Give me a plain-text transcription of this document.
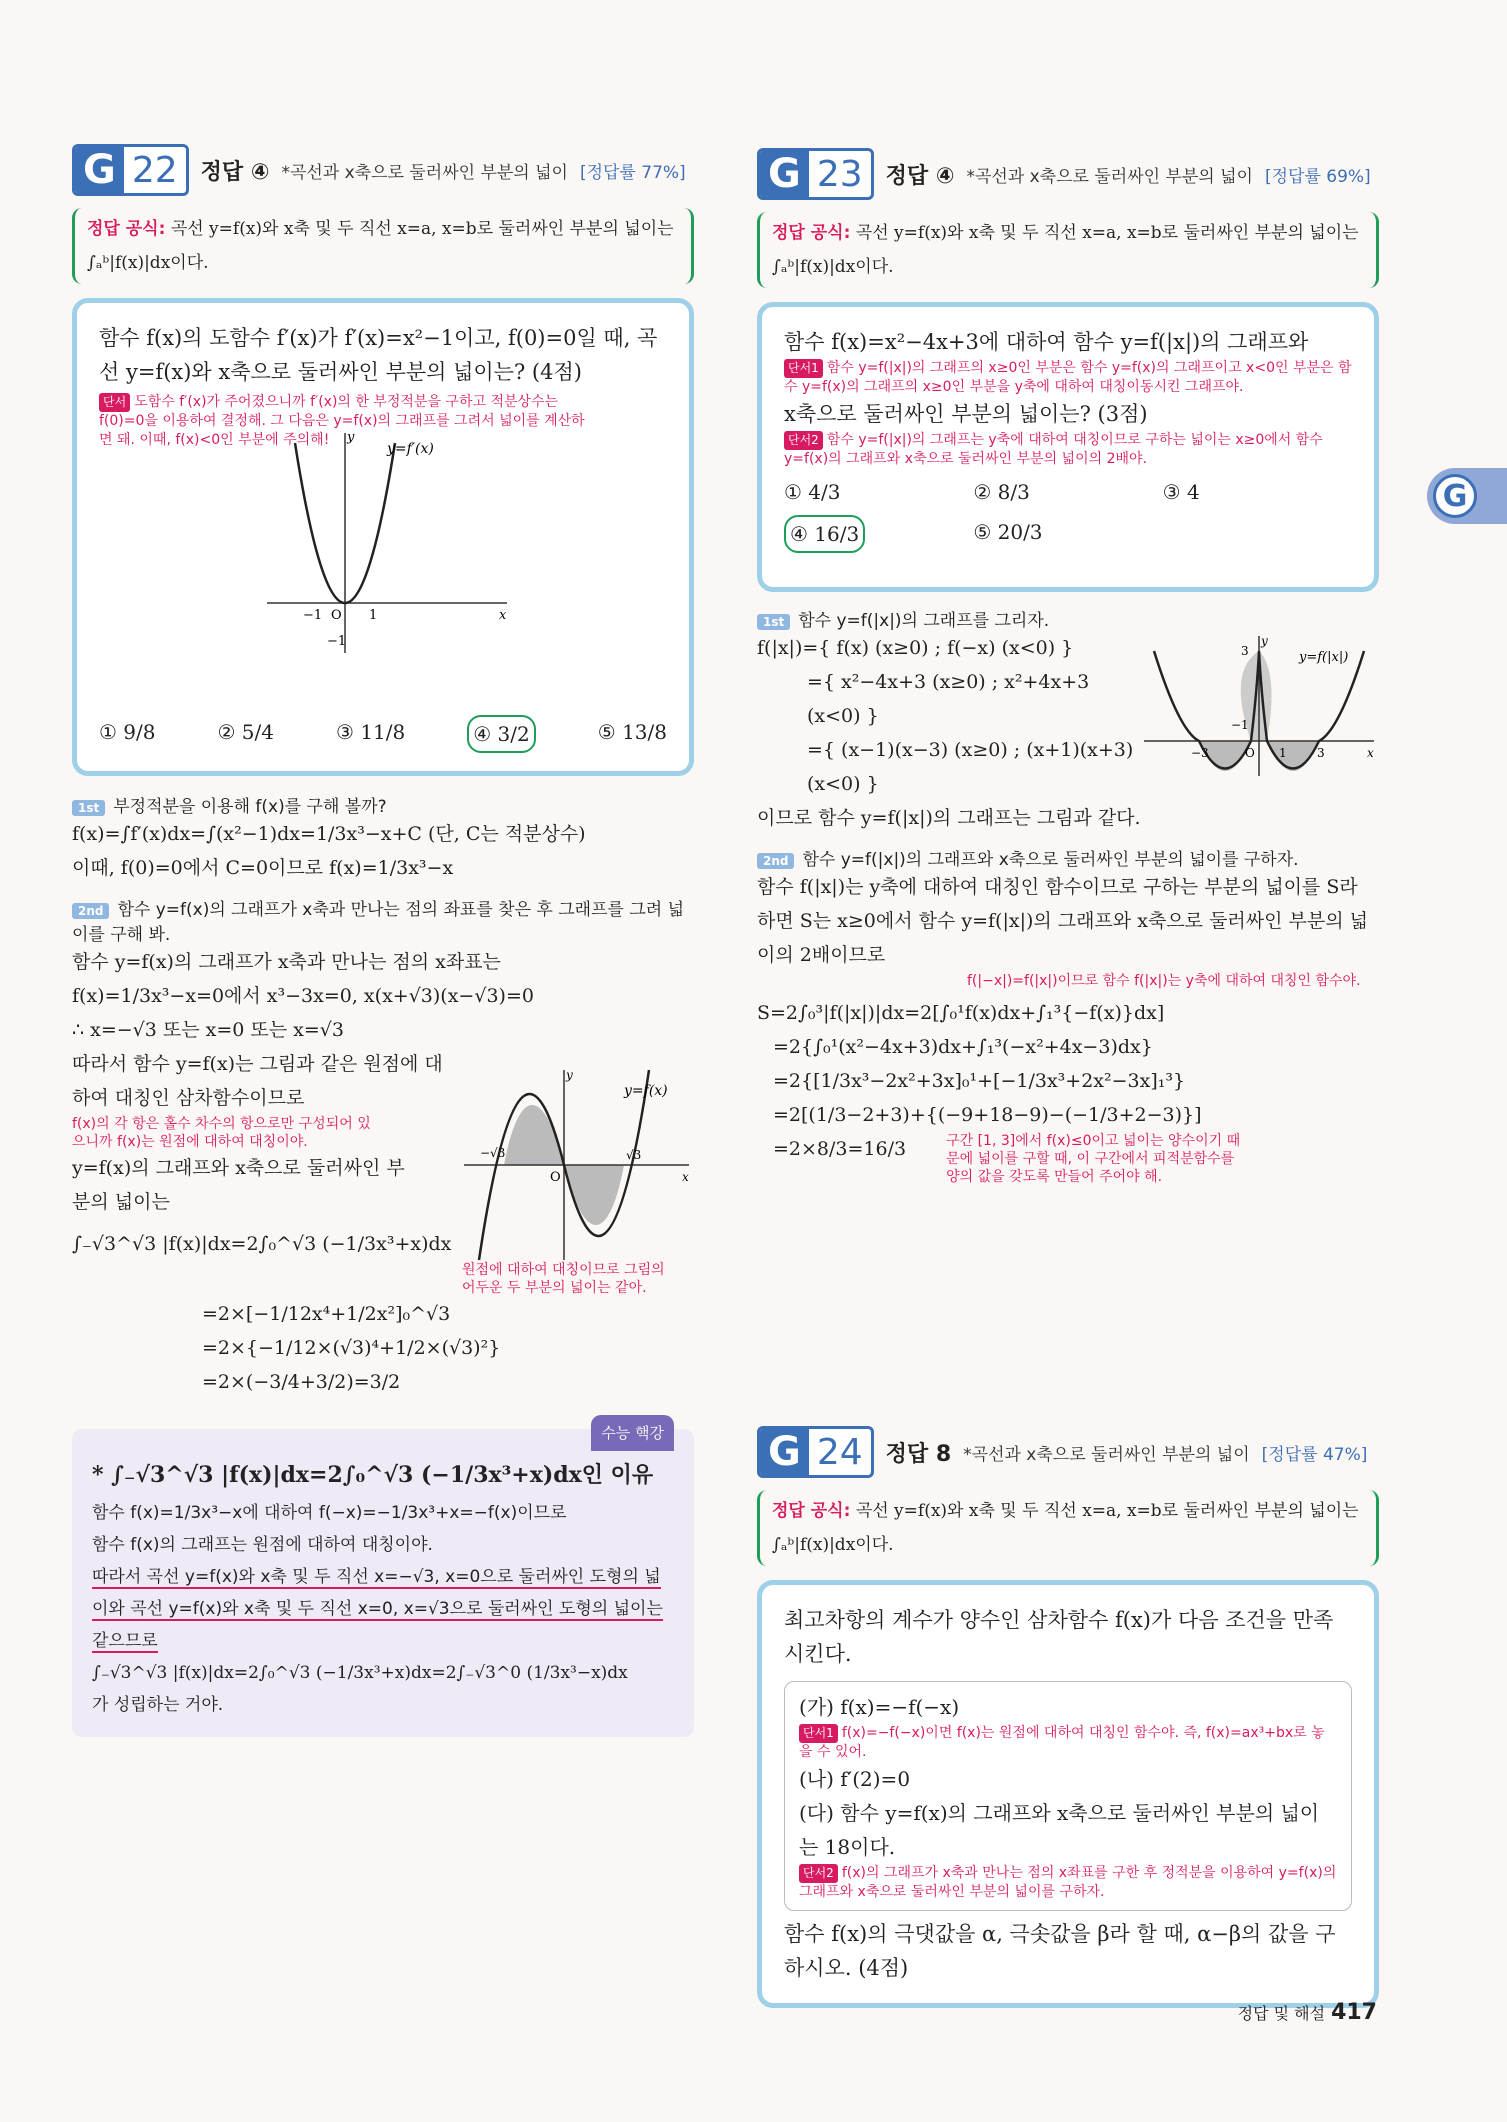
G
G 22	정답 ④ *곡선과 x축으로 둘러싸인 부분의 넓이 [정답률 77%]
정답 공식: 곡선 y=f(x)와 x축 및 두 직선 x=a, x=b로 둘러싸인 부분의 넓이는 ∫ₐᵇ|f(x)|dx이다.
함수 f(x)의 도함수 f′(x)가 f′(x)=x²−1이고, f(0)=0일 때, 곡선 y=f(x)와 x축으로 둘러싸인 부분의 넓이는? (4점)
단서 도함수 f′(x)가 주어졌으니까 f′(x)의 한 부정적분을 구하고 적분상수는 f(0)=0을 이용하여 결정해. 그 다음은 y=f(x)의 그래프를 그려서 넓이를 계산하면 돼. 이때, f(x)<0인 부분에 주의해!	y
x
−1 O 1
−1
y=f′(x)
① 9/8	② 5/4	③ 11/8	④ 3/2	⑤ 13/8
1st 부정적분을 이용해 f(x)를 구해 볼까?
f(x)=∫f′(x)dx=∫(x²−1)dx=1/3x³−x+C (단, C는 적분상수)
이때, f(0)=0에서 C=0이므로 f(x)=1/3x³−x
2nd 함수 y=f(x)의 그래프가 x축과 만나는 점의 좌표를 찾은 후 그래프를 그려 넓이를 구해 봐.
함수 y=f(x)의 그래프가 x축과 만나는 점의 x좌표는
f(x)=1/3x³−x=0에서 x³−3x=0, x(x+√3)(x−√3)=0
∴ x=−√3 또는 x=0 또는 x=√3
따라서 함수 y=f(x)는 그림과 같은 원점에 대하여 대칭인 삼차함수이므로
f(x)의 각 항은 홀수 차수의 항으로만 구성되어 있으니까 f(x)는 원점에 대하여 대칭이야.
y=f(x)의 그래프와 x축으로 둘러싸인 부분의 넓이는
y
x
O
−√3	√3
y=f(x)
∫₋√3^√3 |f(x)|dx=2∫₀^√3 (−1/3x³+x)dx
원점에 대하여 대칭이므로 그림의 어두운 두 부분의 넓이는 같아.
=2×[−1/12x⁴+1/2x²]₀^√3
=2×{−1/12×(√3)⁴+1/2×(√3)²}
=2×(−3/4+3/2)=3/2
수능 핵강
* ∫₋√3^√3 |f(x)|dx=2∫₀^√3 (−1/3x³+x)dx인 이유
함수 f(x)=1/3x³−x에 대하여 f(−x)=−1/3x³+x=−f(x)이므로
함수 f(x)의 그래프는 원점에 대하여 대칭이야.
따라서 곡선 y=f(x)와 x축 및 두 직선 x=−√3, x=0으로 둘러싸인 도형의 넓이와 곡선 y=f(x)와 x축 및 두 직선 x=0, x=√3으로 둘러싸인 도형의 넓이는 같으므로
∫₋√3^√3 |f(x)|dx=2∫₀^√3 (−1/3x³+x)dx=2∫₋√3^0 (1/3x³−x)dx
가 성립하는 거야.
G 23	정답 ④ *곡선과 x축으로 둘러싸인 부분의 넓이 [정답률 69%]
정답 공식: 곡선 y=f(x)와 x축 및 두 직선 x=a, x=b로 둘러싸인 부분의 넓이는 ∫ₐᵇ|f(x)|dx이다.
함수 f(x)=x²−4x+3에 대하여 함수 y=f(|x|)의 그래프와
단서1 함수 y=f(|x|)의 그래프의 x≥0인 부분은 함수 y=f(x)의 그래프이고 x<0인 부분은 함수 y=f(x)의 그래프의 x≥0인 부분을 y축에 대하여 대칭이동시킨 그래프야.
x축으로 둘러싸인 부분의 넓이는? (3점)
단서2 함수 y=f(|x|)의 그래프는 y축에 대하여 대칭이므로 구하는 넓이는 x≥0에서 함수 y=f(x)의 그래프와 x축으로 둘러싸인 부분의 넓이의 2배야.
① 4/3	② 8/3	③ 4
④ 16/3	⑤ 20/3
1st 함수 y=f(|x|)의 그래프를 그리자.
f(|x|)={ f(x) (x≥0) ; f(−x) (x<0) }
={ x²−4x+3 (x≥0) ; x²+4x+3 (x<0) }
={ (x−1)(x−3) (x≥0) ; (x+1)(x+3) (x<0) }
y
x
3
O
−1
−3	1	3
y=f(|x|)
이므로 함수 y=f(|x|)의 그래프는 그림과 같다.
2nd 함수 y=f(|x|)의 그래프와 x축으로 둘러싸인 부분의 넓이를 구하자.
함수 f(|x|)는 y축에 대하여 대칭인 함수이므로 구하는 부분의 넓이를 S라 하면 S는 x≥0에서 함수 y=f(|x|)의 그래프와 x축으로 둘러싸인 부분의 넓이의 2배이므로
f(|−x|)=f(|x|)이므로 함수 f(|x|)는 y축에 대하여 대칭인 함수야.
S=2∫₀³|f(|x|)|dx=2[∫₀¹f(x)dx+∫₁³{−f(x)}dx]
=2{∫₀¹(x²−4x+3)dx+∫₁³(−x²+4x−3)dx}
=2{[1/3x³−2x²+3x]₀¹+[−1/3x³+2x²−3x]₁³}
=2[(1/3−2+3)+{(−9+18−9)−(−1/3+2−3)}]
=2×8/3=16/3	구간 [1, 3]에서 f(x)≤0이고 넓이는 양수이기 때문에 넓이를 구할 때, 이 구간에서 피적분함수를 양의 값을 갖도록 만들어 주어야 해.
G 24	정답 8 *곡선과 x축으로 둘러싸인 부분의 넓이 [정답률 47%]
정답 공식: 곡선 y=f(x)와 x축 및 두 직선 x=a, x=b로 둘러싸인 부분의 넓이는 ∫ₐᵇ|f(x)|dx이다.
최고차항의 계수가 양수인 삼차함수 f(x)가 다음 조건을 만족시킨다.
(가) f(x)=−f(−x)
단서1 f(x)=−f(−x)이면 f(x)는 원점에 대하여 대칭인 함수야. 즉, f(x)=ax³+bx로 놓을 수 있어.
(나) f′(2)=0
(다) 함수 y=f(x)의 그래프와 x축으로 둘러싸인 부분의 넓이는 18이다.
단서2 f(x)의 그래프가 x축과 만나는 점의 x좌표를 구한 후 정적분을 이용하여 y=f(x)의 그래프와 x축으로 둘러싸인 부분의 넓이를 구하자.
함수 f(x)의 극댓값을 α, 극솟값을 β라 할 때, α−β의 값을 구하시오. (4점)
정답 및 해설 417
